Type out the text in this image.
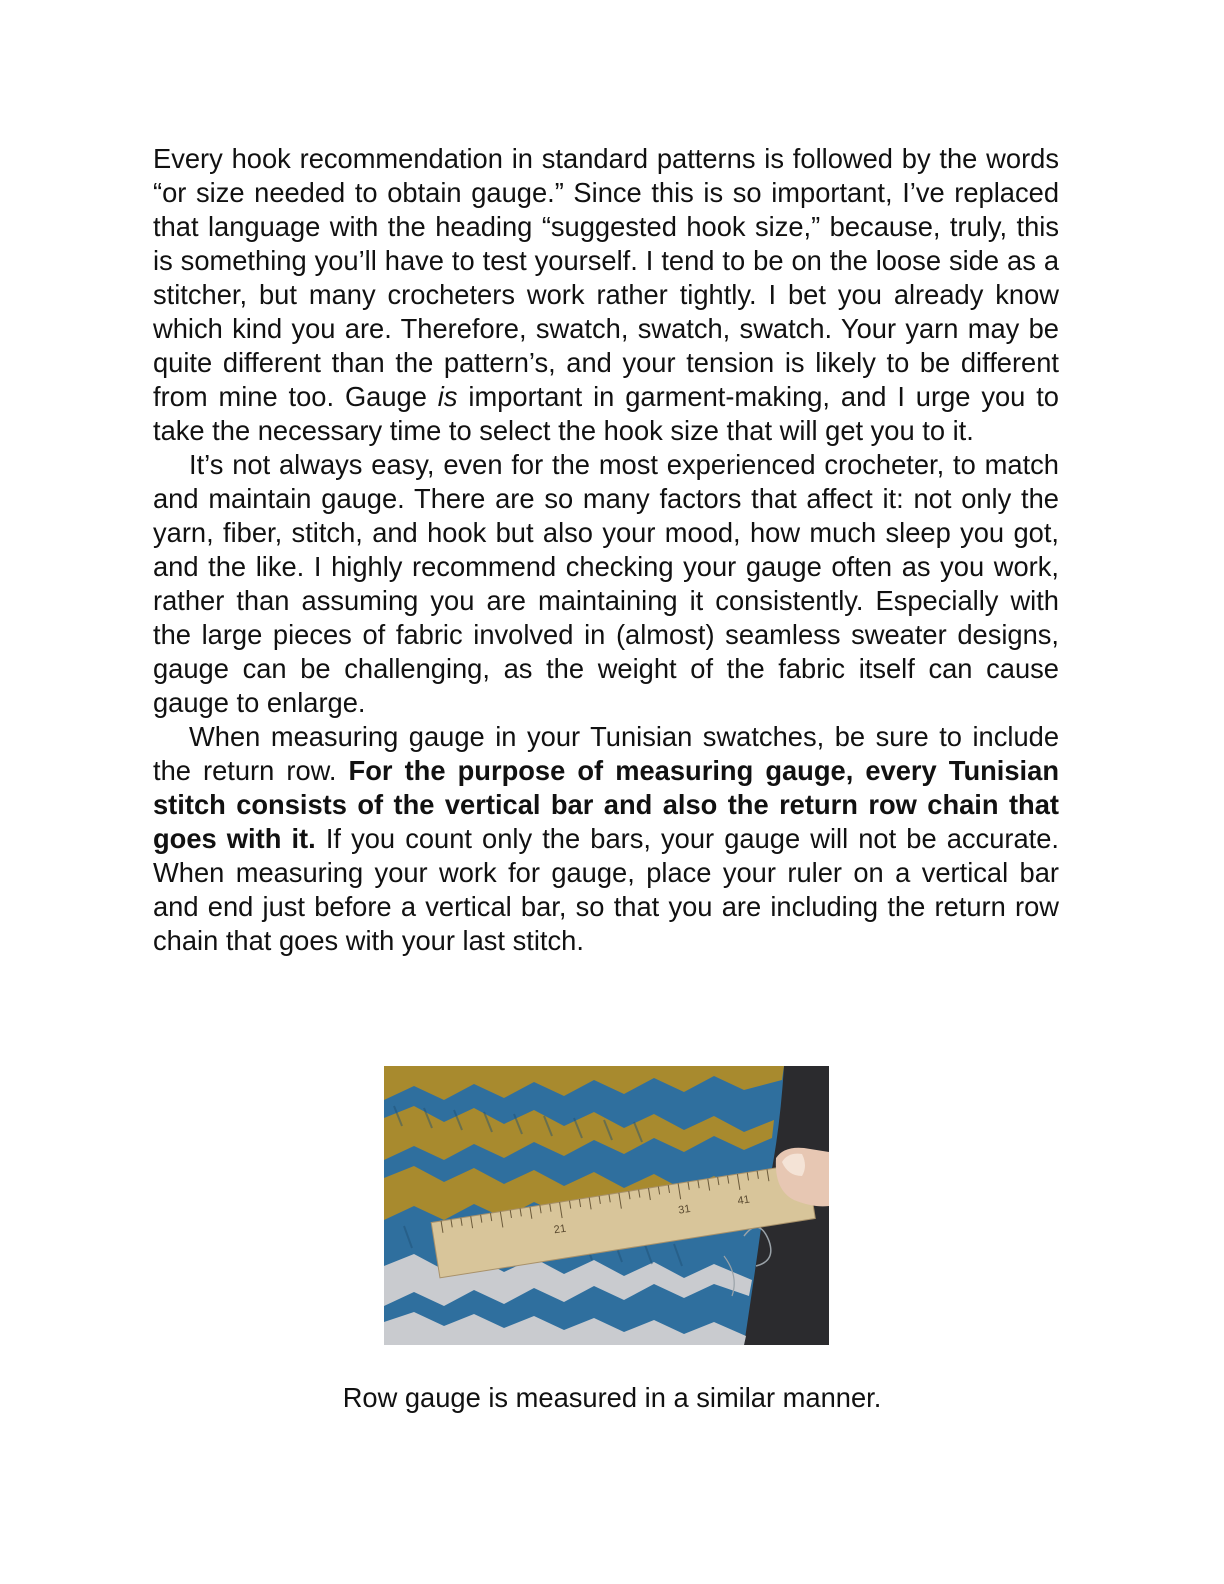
Every hook recommendation in standard patterns is followed by the words “or size needed to obtain gauge.” Since this is so important, I’ve replaced that language with the heading “suggested hook size,” because, truly, this is something you’ll have to test yourself. I tend to be on the loose side as a stitcher, but many crocheters work rather tightly. I bet you already know which kind you are. Therefore, swatch, swatch, swatch. Your yarn may be quite different than the pattern’s, and your tension is likely to be different from mine too. Gauge is important in garment-making, and I urge you to take the necessary time to select the hook size that will get you to it.

It’s not always easy, even for the most experienced crocheter, to match and maintain gauge. There are so many factors that affect it: not only the yarn, fiber, stitch, and hook but also your mood, how much sleep you got, and the like. I highly recommend checking your gauge often as you work, rather than assuming you are maintaining it consistently. Especially with the large pieces of fabric involved in (almost) seamless sweater designs, gauge can be challenging, as the weight of the fabric itself can cause gauge to enlarge.

When measuring gauge in your Tunisian swatches, be sure to include the return row. For the purpose of measuring gauge, every Tunisian stitch consists of the vertical bar and also the return row chain that goes with it. If you count only the bars, your gauge will not be accurate. When measuring your work for gauge, place your ruler on a vertical bar and end just before a vertical bar, so that you are including the return row chain that goes with your last stitch.

21
31
41

Row gauge is measured in a similar manner.
